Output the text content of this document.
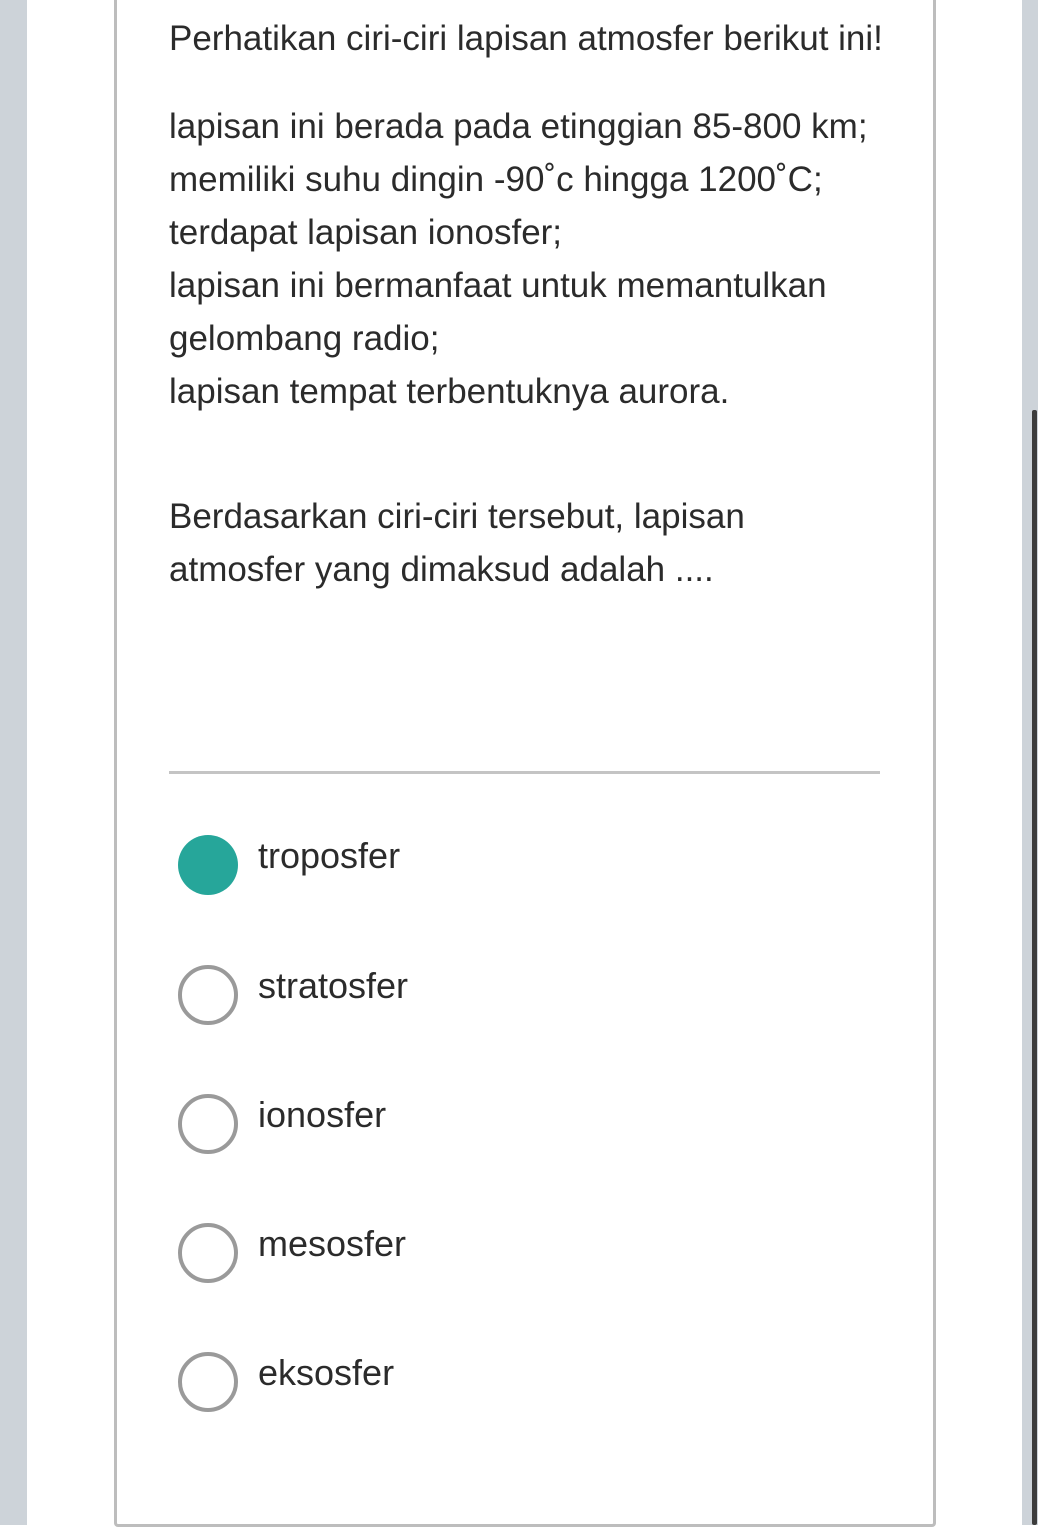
Perhatikan ciri-ciri lapisan atmosfer berikut ini!

lapisan ini berada pada etinggian 85-800 km;

memiliki suhu dingin -90˚c hingga 1200˚C;

terdapat lapisan ionosfer;

lapisan ini bermanfaat untuk memantulkan gelombang radio;

lapisan tempat terbentuknya aurora.

Berdasarkan ciri-ciri tersebut, lapisan atmosfer yang dimaksud adalah ....

troposfer
stratosfer
ionosfer
mesosfer
eksosfer
